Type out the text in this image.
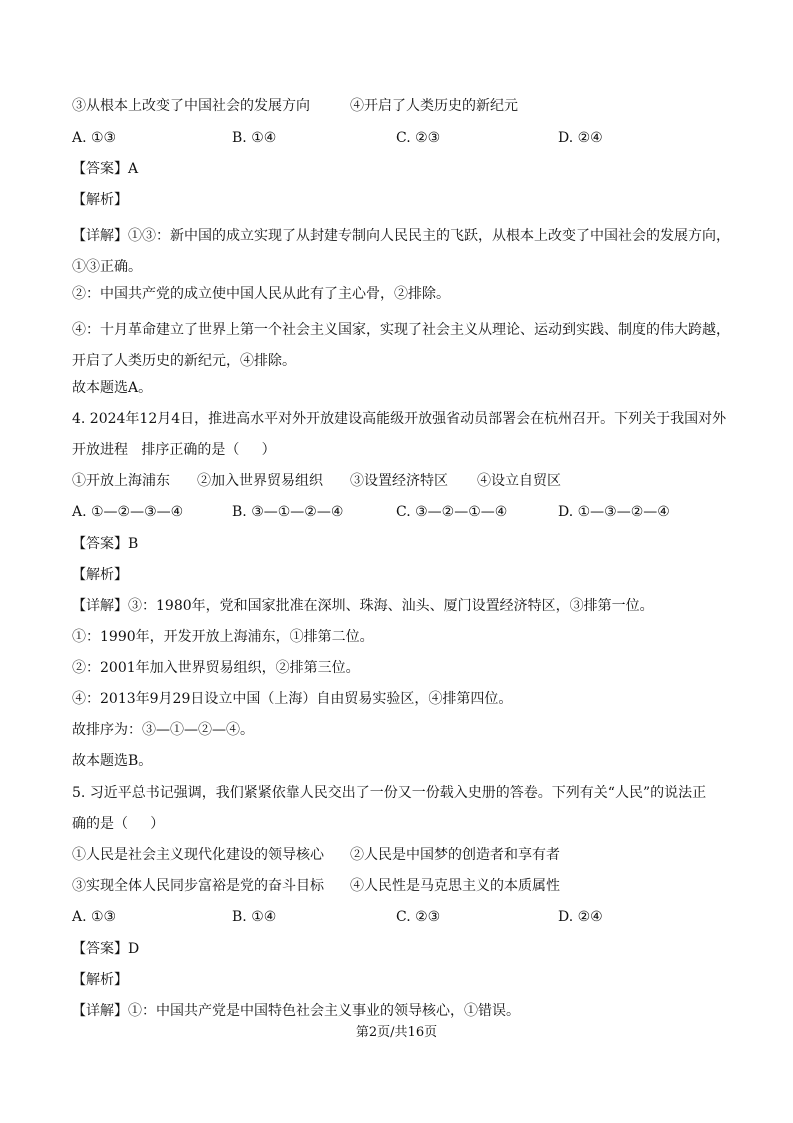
③从根本上改变了中国社会的发展方向	④开启了人类历史的新纪元
A. ①③	B. ①④	C. ②③	D. ②④
【答案】A
【解析】
【详解】①③：新中国的成立实现了从封建专制向人民民主的飞跃，从根本上改变了中国社会的发展方向，①③正确。
②：中国共产党的成立使中国人民从此有了主心骨，②排除。
④：十月革命建立了世界上第一个社会主义国家，实现了社会主义从理论、运动到实践、制度的伟大跨越，开启了人类历史的新纪元，④排除。
故本题选A。
4. 2024年12月4日，推进高水平对外开放建设高能级开放强省动员部署会在杭州召开。下列关于我国对外
开放进程   排序正确的是（     ）
①开放上海浦东 ②加入世界贸易组织 ③设置经济特区 ④设立自贸区
A. ①—②—③—④	B. ③—①—②—④	C. ③—②—①—④	D. ①—③—②—④
【答案】B
【解析】
【详解】③：1980年，党和国家批准在深圳、珠海、汕头、厦门设置经济特区，③排第一位。
①：1990年，开发开放上海浦东，①排第二位。
②：2001年加入世界贸易组织，②排第三位。
④：2013年9月29日设立中国（上海）自由贸易实验区，④排第四位。
故排序为：③—①—②—④。
故本题选B。
5. 习近平总书记强调，我们紧紧依靠人民交出了一份又一份载入史册的答卷。下列有关“人民”的说法正
确的是（     ）
①人民是社会主义现代化建设的领导核心 ②人民是中国梦的创造者和享有者
③实现全体人民同步富裕是党的奋斗目标 ④人民性是马克思主义的本质属性
A. ①③	B. ①④	C. ②③	D. ②④
【答案】D
【解析】
【详解】①：中国共产党是中国特色社会主义事业的领导核心，①错误。
第2页/共16页
